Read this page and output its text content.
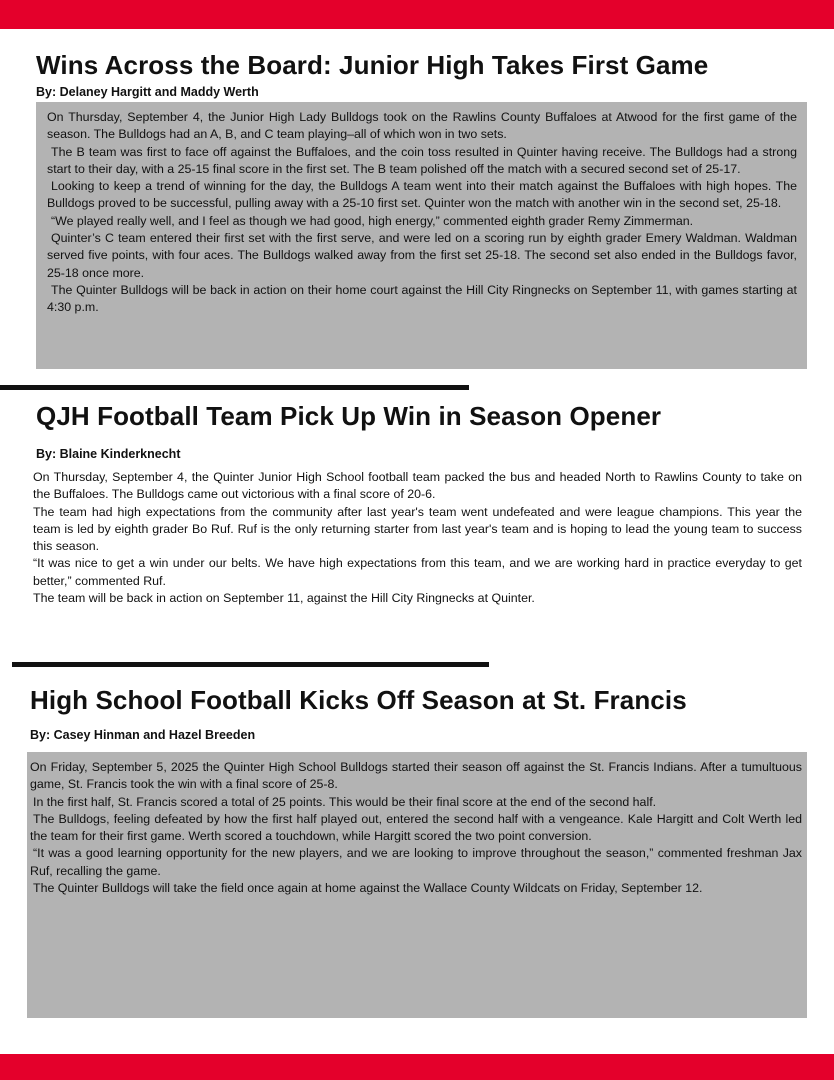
Wins Across the Board: Junior High Takes First Game
By: Delaney Hargitt and Maddy Werth

On Thursday, September 4, the Junior High Lady Bulldogs took on the Rawlins County Buffaloes at Atwood for the first game of the season. The Bulldogs had an A, B, and C team playing–all of which won in two sets.

The B team was first to face off against the Buffaloes, and the coin toss resulted in Quinter having receive. The Bulldogs had a strong start to their day, with a 25-15 final score in the first set. The B team polished off the match with a secured second set of 25-17.

Looking to keep a trend of winning for the day, the Bulldogs A team went into their match against the Buffaloes with high hopes. The Bulldogs proved to be successful, pulling away with a 25-10 first set. Quinter won the match with another win in the second set, 25-18.

“We played really well, and I feel as though we had good, high energy,” commented eighth grader Remy Zimmerman.

Quinter’s C team entered their first set with the first serve, and were led on a scoring run by eighth grader Emery Waldman. Waldman served five points, with four aces. The Bulldogs walked away from the first set 25-18. The second set also ended in the Bulldogs favor, 25-18 once more.

The Quinter Bulldogs will be back in action on their home court against the Hill City Ringnecks on September 11, with games starting at 4:30 p.m.

QJH Football Team Pick Up Win in Season Opener
By: Blaine Kinderknecht

On Thursday, September 4, the Quinter Junior High School football team packed the bus and headed North to Rawlins County to take on the Buffaloes. The Bulldogs came out victorious with a final score of 20-6.

The team had high expectations from the community after last year's team went undefeated and were league champions. This year the team is led by eighth grader Bo Ruf. Ruf is the only returning starter from last year's team and is hoping to lead the young team to success this season.

“It was nice to get a win under our belts. We have high expectations from this team, and we are working hard in practice everyday to get better,” commented Ruf.

The team will be back in action on September 11, against the Hill City Ringnecks at Quinter.

High School Football Kicks Off Season at St. Francis
By: Casey Hinman and Hazel Breeden

On Friday, September 5, 2025 the Quinter High School Bulldogs started their season off against the St. Francis Indians. After a tumultuous game, St. Francis took the win with a final score of 25-8.

In the first half, St. Francis scored a total of 25 points. This would be their final score at the end of the second half.

The Bulldogs, feeling defeated by how the first half played out, entered the second half with a vengeance. Kale Hargitt and Colt Werth led the team for their first game. Werth scored a touchdown, while Hargitt scored the two point conversion.

“It was a good learning opportunity for the new players, and we are looking to improve throughout the season,” commented freshman Jax Ruf, recalling the game.

The Quinter Bulldogs will take the field once again at home against the Wallace County Wildcats on Friday, September 12.
